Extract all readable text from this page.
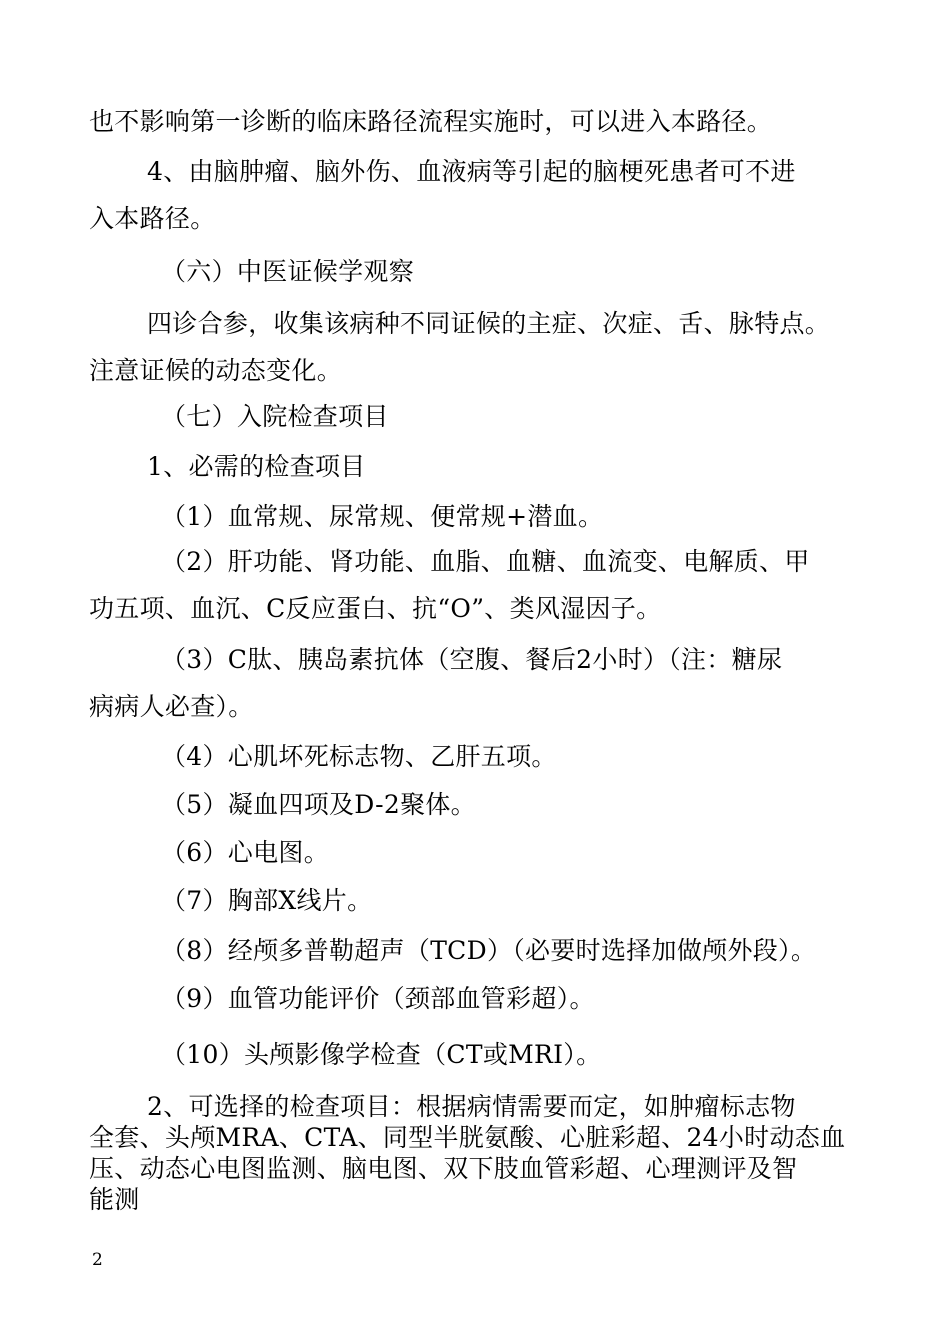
也不影响第一诊断的临床路径流程实施时，可以进入本路径。
4、由脑肿瘤、脑外伤、血液病等引起的脑梗死患者可不进
入本路径。
（六）中医证候学观察
四诊合参，收集该病种不同证候的主症、次症、舌、脉特点。
注意证候的动态变化。
（七）入院检查项目
1、必需的检查项目
（1）血常规、尿常规、便常规+潜血。
（2）肝功能、肾功能、血脂、血糖、血流变、电解质、甲
功五项、血沉、C反应蛋白、抗“O”、类风湿因子。
（3）C肽、胰岛素抗体（空腹、餐后2小时）（注：糖尿
病病人必查）。
（4）心肌坏死标志物、乙肝五项。
（5）凝血四项及D-2聚体。
（6）心电图。
（7）胸部X线片。
（8）经颅多普勒超声（TCD）（必要时选择加做颅外段）。
（9）血管功能评价（颈部血管彩超）。
（10）头颅影像学检查（CT或MRI）。
2、可选择的检查项目：根据病情需要而定，如肿瘤标志物
全套、头颅MRA、CTA、同型半胱氨酸、心脏彩超、24小时动态血
压、动态心电图监测、脑电图、双下肢血管彩超、心理测评及智
能测
2
